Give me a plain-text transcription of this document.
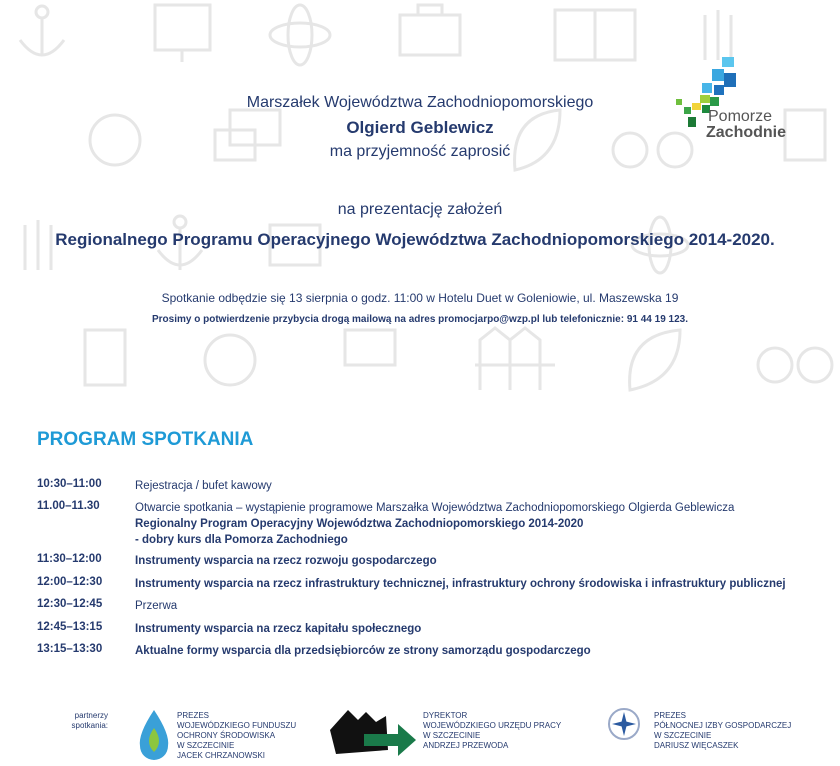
Pomorze
Zachodnie
Marszałek Województwa Zachodniopomorskiego
Olgierd Geblewicz
ma przyjemność zaprosić
na prezentację założeń
Regionalnego Programu Operacyjnego Województwa Zachodniopomorskiego 2014-2020.
Spotkanie odbędzie się 13 sierpnia o godz. 11:00 w Hotelu Duet w Goleniowie, ul. Maszewska 19
Prosimy o potwierdzenie przybycia drogą mailową na adres promocjarpo@wzp.pl lub telefonicznie: 91 44 19 123.
PROGRAM SPOTKANIA
10:30–11:00	Rejestracja / bufet kawowy
11.00–11.30	Otwarcie spotkania – wystąpienie programowe Marszałka Województwa Zachodniopomorskiego Olgierda Geblewicza
Regionalny Program Operacyjny Województwa Zachodniopomorskiego 2014-2020
- dobry kurs dla Pomorza Zachodniego
11:30–12:00	Instrumenty wsparcia na rzecz rozwoju gospodarczego
12:00–12:30	Instrumenty wsparcia na rzecz infrastruktury technicznej, infrastruktury ochrony środowiska i infrastruktury publicznej
12:30–12:45	Przerwa
12:45–13:15	Instrumenty wsparcia na rzecz kapitału społecznego
13:15–13:30	Aktualne formy wsparcia dla przedsiębiorców ze strony samorządu gospodarczego
partnerzy
spotkania:
PREZES
WOJEWÓDZKIEGO FUNDUSZU
OCHRONY ŚRODOWISKA
W SZCZECINIE
JACEK CHRZANOWSKI
DYREKTOR
WOJEWÓDZKIEGO URZĘDU PRACY
W SZCZECINIE
ANDRZEJ PRZEWODA
PREZES
PÓŁNOCNEJ IZBY GOSPODARCZEJ
W SZCZECINIE
DARIUSZ WIĘCASZEK
